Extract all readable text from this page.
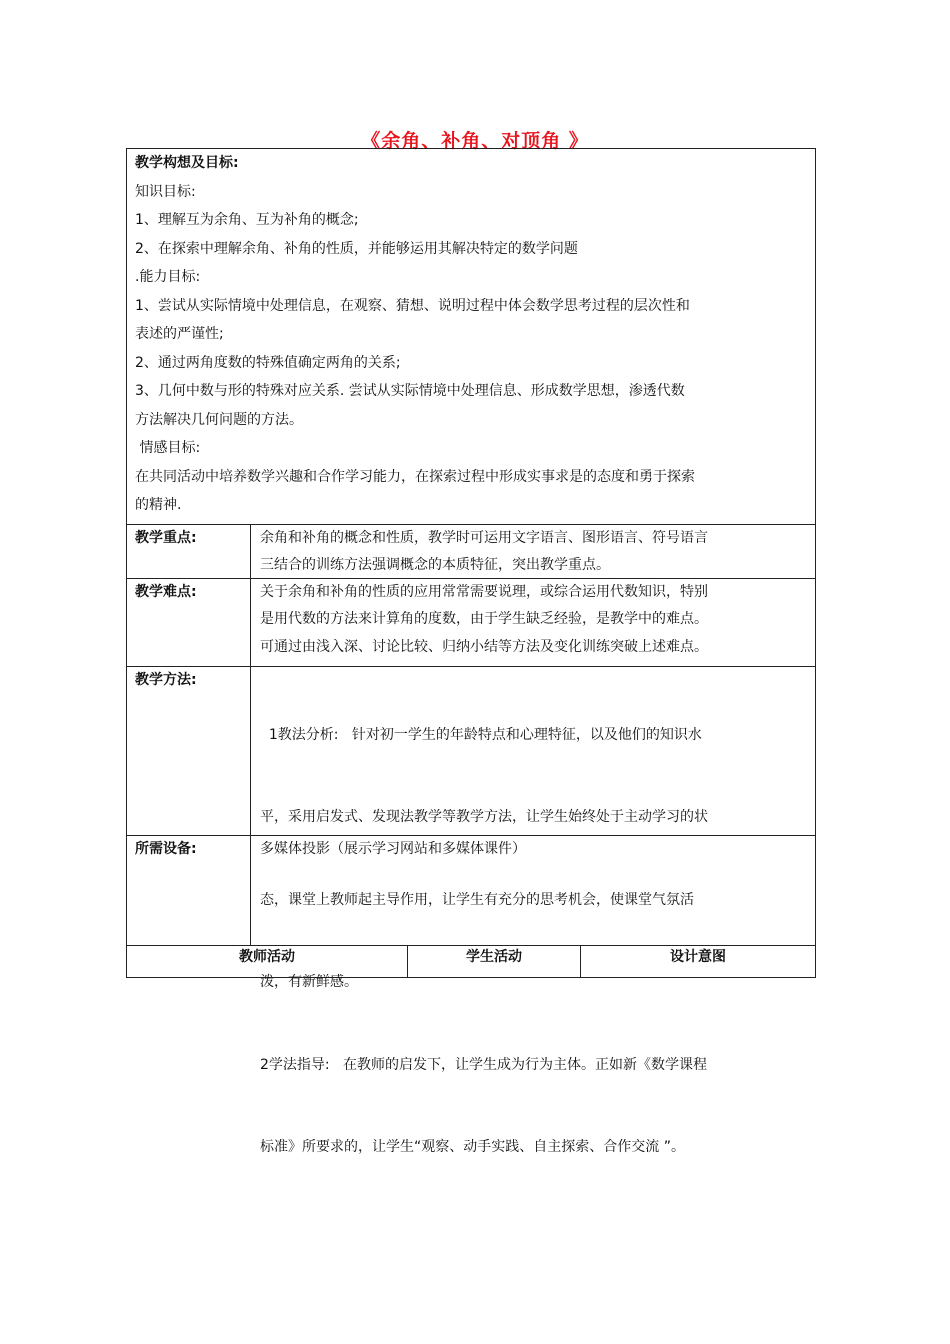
《余角、补角、对顶角 》
教学构想及目标:
知识目标:
1、理解互为余角、互为补角的概念;
2、在探索中理解余角、补角的性质，并能够运用其解决特定的数学问题
.能力目标:
1、尝试从实际情境中处理信息，在观察、猜想、说明过程中体会数学思考过程的层次性和
表述的严谨性;
2、通过两角度数的特殊值确定两角的关系;
3、几何中数与形的特殊对应关系. 尝试从实际情境中处理信息、形成数学思想，渗透代数
方法解决几何问题的方法。
情感目标:
在共同活动中培养数学兴趣和合作学习能力，在探索过程中形成实事求是的态度和勇于探索
的精神.
教学重点:	余角和补角的概念和性质，教学时可运用文字语言、图形语言、符号语言
三结合的训练方法强调概念的本质特征，突出教学重点。
教学难点:	关于余角和补角的性质的应用常常需要说理，或综合运用代数知识，特别
是用代数的方法来计算角的度数，由于学生缺乏经验，是教学中的难点。
可通过由浅入深、讨论比较、归纳小结等方法及变化训练突破上述难点。
教学方法:

1教法分析:   针对初一学生的年龄特点和心理特征，以及他们的知识水

平，采用启发式、发现法教学等教学方法，让学生始终处于主动学习的状

态，课堂上教师起主导作用，让学生有充分的思考机会，使课堂气氛活

泼，有新鲜感。

2学法指导:   在教师的启发下，让学生成为行为主体。正如新《数学课程

标准》所要求的，让学生“观察、动手实践、自主探索、合作交流 ”。

所需设备:	多媒体投影（展示学习网站和多媒体课件）
教师活动	学生活动	设计意图
